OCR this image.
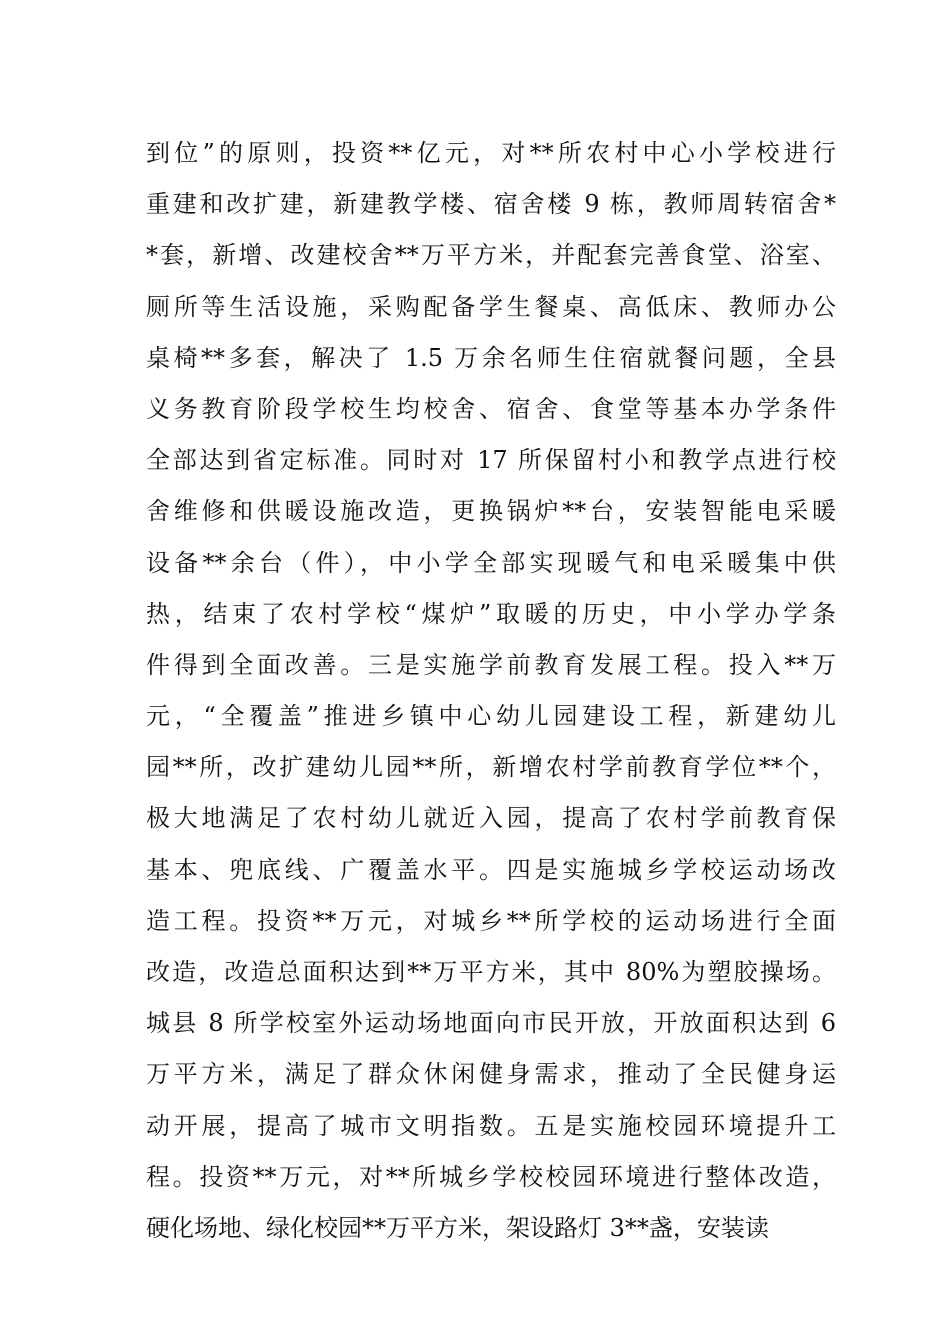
到位”的原则，投资**亿元，对**所农村中心小学校进行
重建和改扩建，新建教学楼、宿舍楼 9 栋，教师周转宿舍*
*套，新增、改建校舍**万平方米，并配套完善食堂、浴室、
厕所等生活设施，采购配备学生餐桌、高低床、教师办公
桌椅**多套，解决了 1.5 万余名师生住宿就餐问题，全县
义务教育阶段学校生均校舍、宿舍、食堂等基本办学条件
全部达到省定标准。同时对 17 所保留村小和教学点进行校
舍维修和供暖设施改造，更换锅炉**台，安装智能电采暖
设备**余台（件），中小学全部实现暖气和电采暖集中供
热，结束了农村学校“煤炉”取暖的历史，中小学办学条
件得到全面改善。三是实施学前教育发展工程。投入**万
元，“全覆盖”推进乡镇中心幼儿园建设工程，新建幼儿
园**所，改扩建幼儿园**所，新增农村学前教育学位**个，
极大地满足了农村幼儿就近入园，提高了农村学前教育保
基本、兜底线、广覆盖水平。四是实施城乡学校运动场改
造工程。投资**万元，对城乡**所学校的运动场进行全面
改造，改造总面积达到**万平方米，其中 80%为塑胶操场。
城县 8 所学校室外运动场地面向市民开放，开放面积达到 6
万平方米，满足了群众休闲健身需求，推动了全民健身运
动开展，提高了城市文明指数。五是实施校园环境提升工
程。投资**万元，对**所城乡学校校园环境进行整体改造，
硬化场地、绿化校园**万平方米，架设路灯 3**盏，安装读
